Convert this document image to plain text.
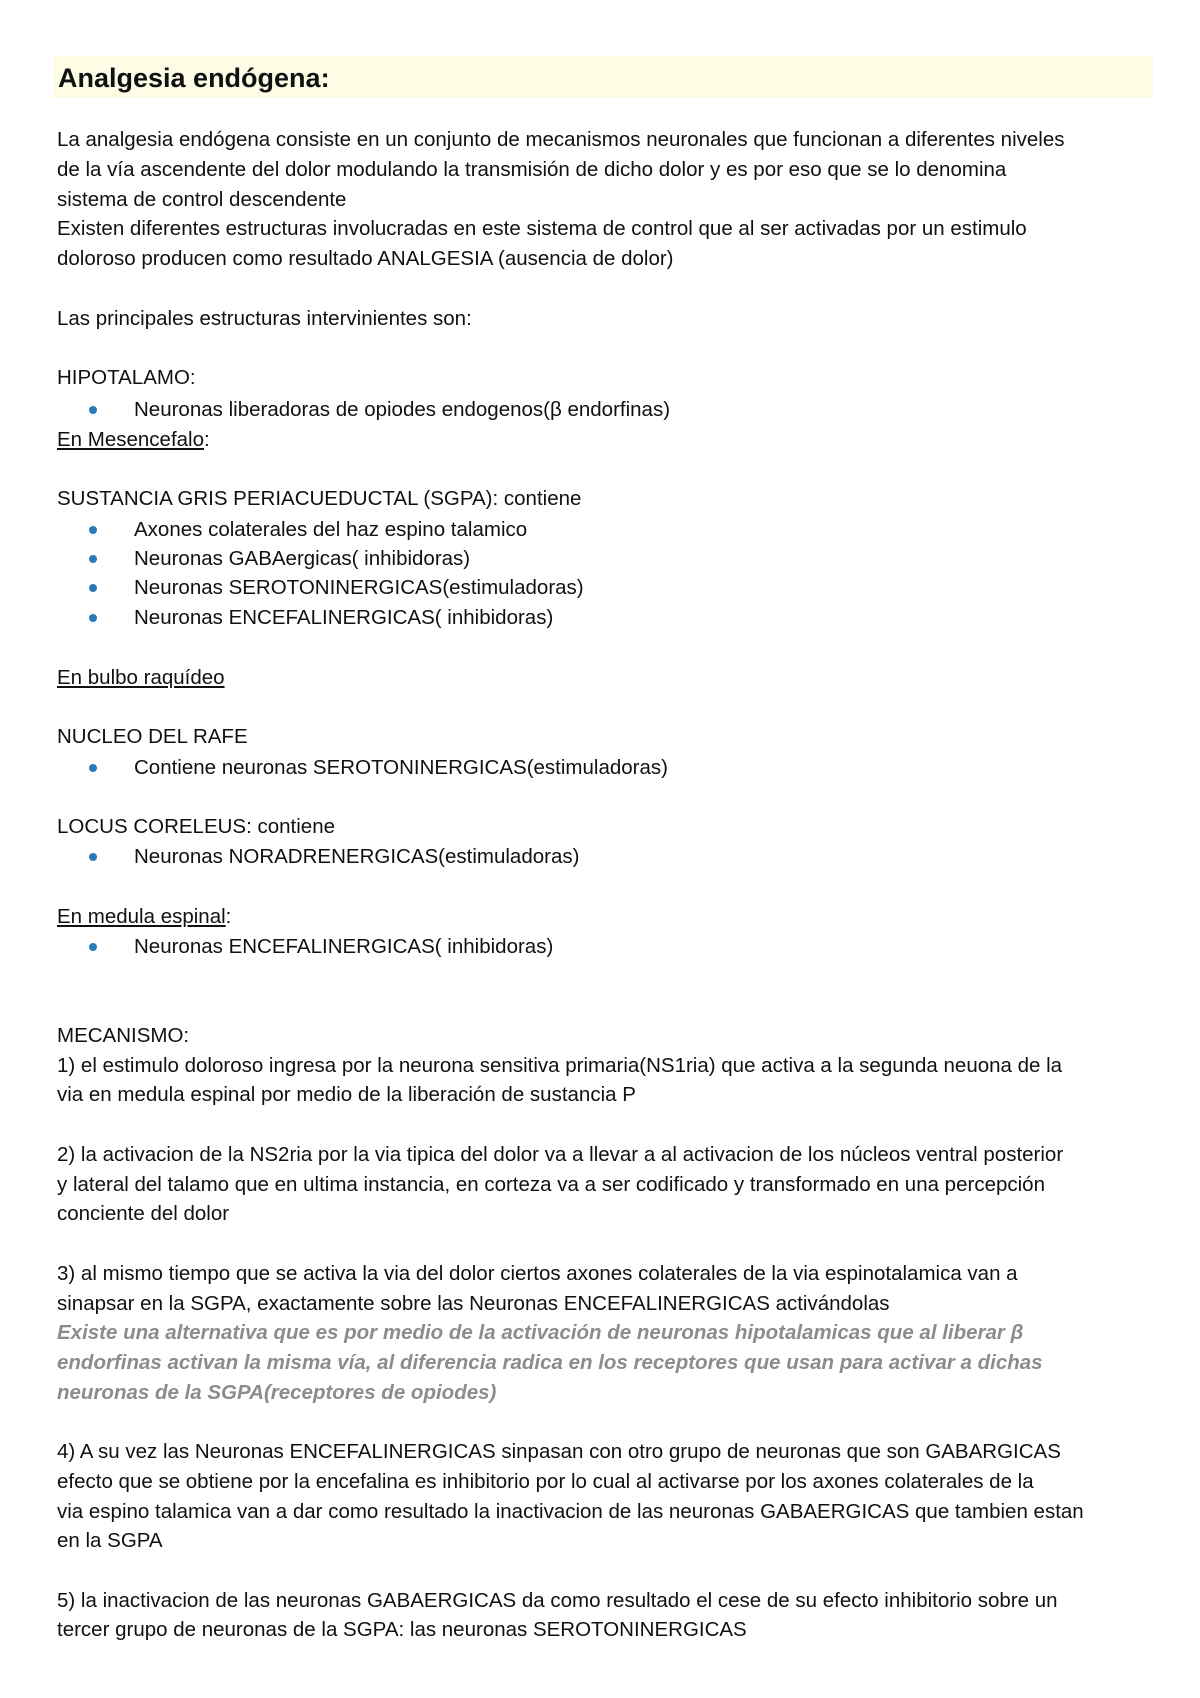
Analgesia endógena:

La analgesia endógena consiste en un conjunto de mecanismos neuronales que funcionan a diferentes niveles

de la vía ascendente del dolor modulando la transmisión de dicho dolor y es por eso que se lo denomina

sistema de control descendente

Existen diferentes estructuras involucradas en este sistema de control que al ser activadas por un estimulo

doloroso producen como resultado ANALGESIA (ausencia de dolor)

Las principales estructuras intervinientes son:

HIPOTALAMO:

Neuronas liberadoras de opiodes endogenos(β endorfinas)

En Mesencefalo:

SUSTANCIA GRIS PERIACUEDUCTAL (SGPA): contiene

Axones colaterales del haz espino talamico
Neuronas GABAergicas( inhibidoras)
Neuronas SEROTONINERGICAS(estimuladoras)
Neuronas ENCEFALINERGICAS( inhibidoras)

En bulbo raquídeo

NUCLEO DEL RAFE

Contiene neuronas SEROTONINERGICAS(estimuladoras)

LOCUS CORELEUS: contiene

Neuronas NORADRENERGICAS(estimuladoras)

En medula espinal:

Neuronas ENCEFALINERGICAS( inhibidoras)

MECANISMO:

1) el estimulo doloroso ingresa por la neurona sensitiva primaria(NS1ria) que activa a la segunda neuona de la

via en medula espinal por medio de la liberación de sustancia P

2) la activacion de la NS2ria por la via tipica del dolor va a llevar a al activacion de los núcleos ventral posterior

y lateral del talamo que en ultima instancia, en corteza va a ser codificado y transformado en una percepción

conciente del dolor

3) al mismo tiempo que se activa la via del dolor ciertos axones colaterales de la via espinotalamica van a

sinapsar en la SGPA, exactamente sobre las Neuronas ENCEFALINERGICAS activándolas

Existe una alternativa que es por medio de la activación de neuronas hipotalamicas que al liberar β

endorfinas activan la misma vía, al diferencia radica en los receptores que usan para activar a dichas

neuronas de la SGPA(receptores de opiodes)

4) A su vez las Neuronas ENCEFALINERGICAS sinpasan con otro grupo de neuronas que son GABARGICAS

efecto que se obtiene por la encefalina es inhibitorio por lo cual al activarse por los axones colaterales de la

via espino talamica van a dar como resultado la inactivacion de las neuronas GABAERGICAS que tambien estan

en la SGPA

5) la inactivacion de las neuronas GABAERGICAS da como resultado el cese de su efecto inhibitorio sobre un

tercer grupo de neuronas de la SGPA: las neuronas SEROTONINERGICAS
